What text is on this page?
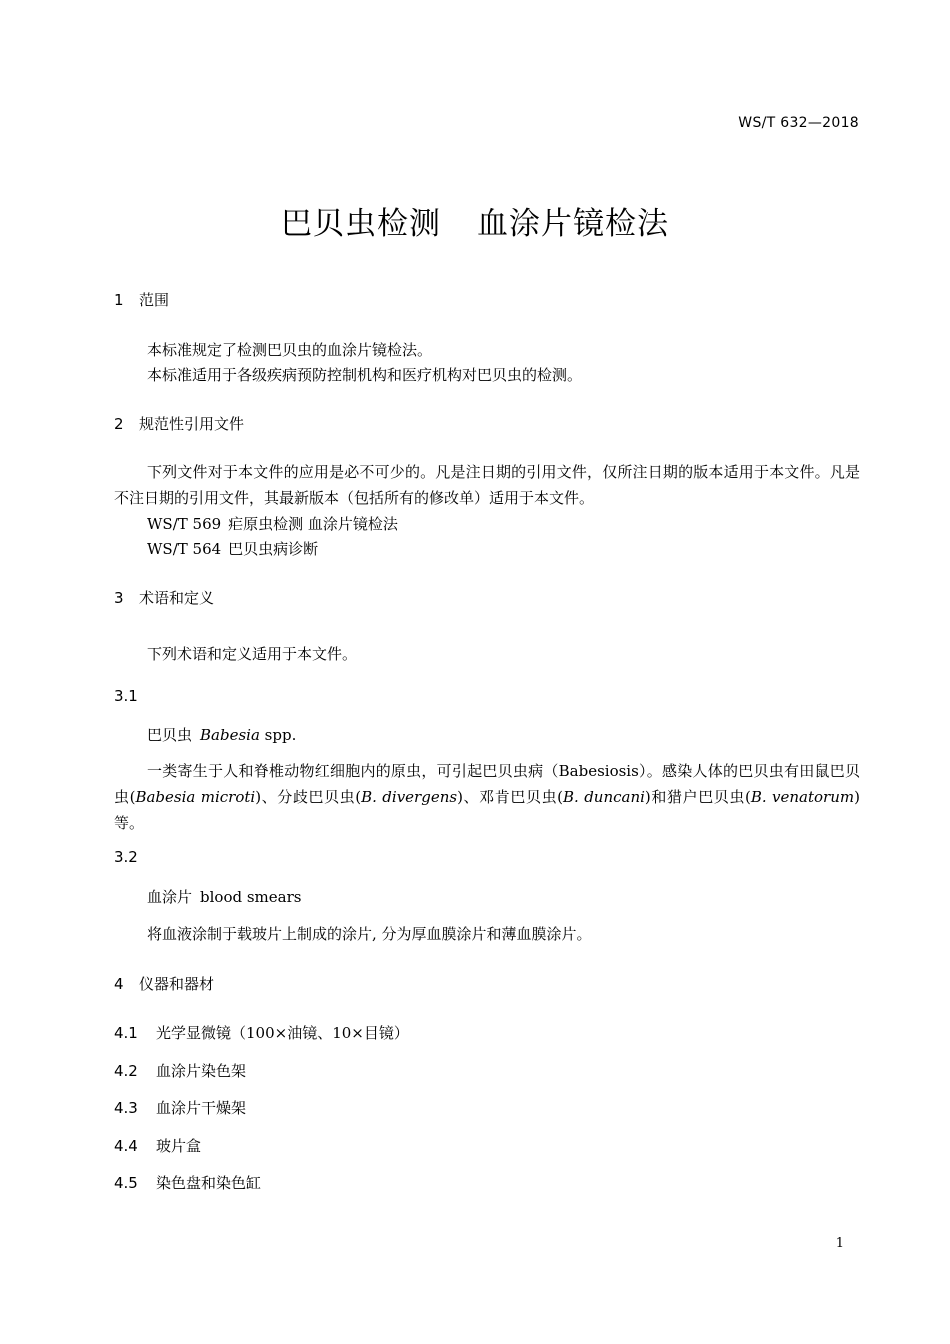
WS/T 632—2018
巴贝虫检测 血涂片镜检法
1 范围
本标准规定了检测巴贝虫的血涂片镜检法。
本标准适用于各级疾病预防控制机构和医疗机构对巴贝虫的检测。
2 规范性引用文件
下列文件对于本文件的应用是必不可少的。凡是注日期的引用文件，仅所注日期的版本适用于本文件。凡是不注日期的引用文件，其最新版本（包括所有的修改单）适用于本文件。
WS/T 569 疟原虫检测 血涂片镜检法
WS/T 564 巴贝虫病诊断
3 术语和定义
下列术语和定义适用于本文件。
3.1
巴贝虫 Babesia spp.
一类寄生于人和脊椎动物红细胞内的原虫，可引起巴贝虫病（Babesiosis）。感染人体的巴贝虫有田鼠巴贝虫(Babesia microti)、分歧巴贝虫(B. divergens)、邓肯巴贝虫(B. duncani)和猎户巴贝虫(B. venatorum)等。
3.2
血涂片 blood smears
将血液涂制于载玻片上制成的涂片, 分为厚血膜涂片和薄血膜涂片。
4 仪器和器材
4.1 光学显微镜（100×油镜、10×目镜）
4.2 血涂片染色架
4.3 血涂片干燥架
4.4 玻片盒
4.5 染色盘和染色缸
1
